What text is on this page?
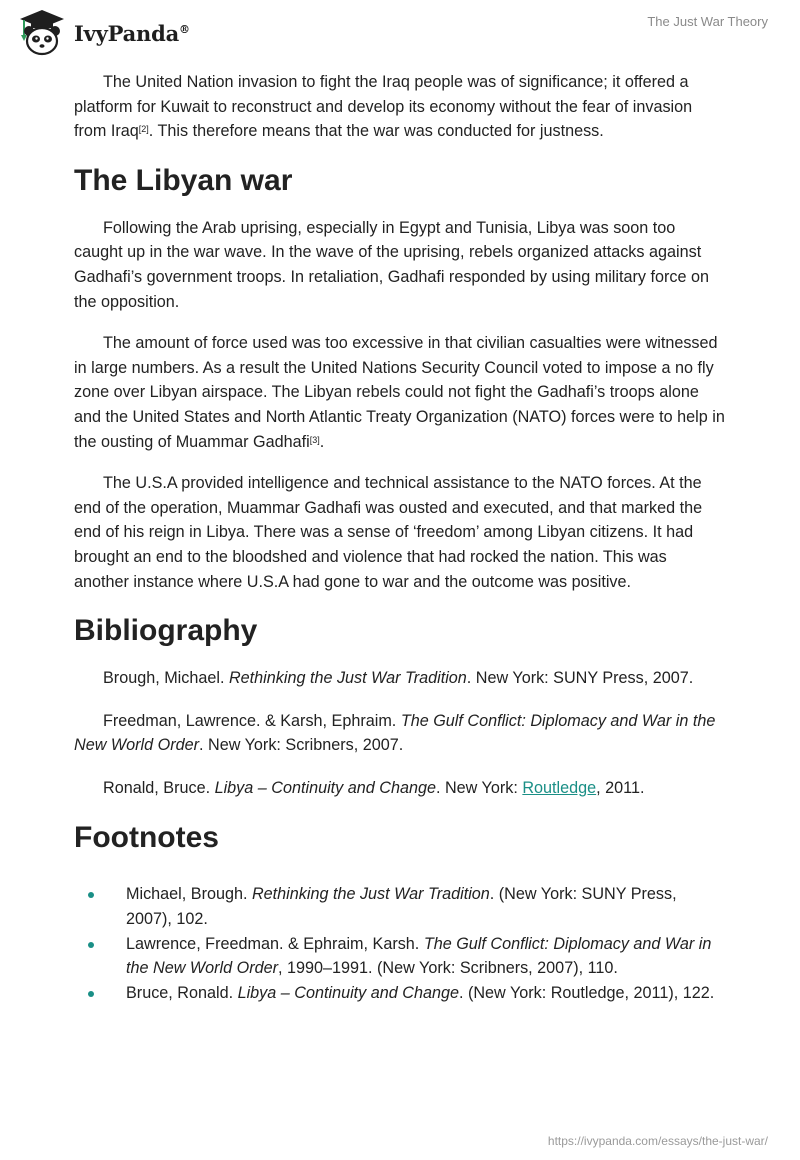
IvyPanda®	The Just War Theory

The United Nation invasion to fight the Iraq people was of significance; it offered a platform for Kuwait to reconstruct and develop its economy without the fear of invasion from Iraq[2]. This therefore means that the war was conducted for justness.

The Libyan war

Following the Arab uprising, especially in Egypt and Tunisia, Libya was soon too caught up in the war wave. In the wave of the uprising, rebels organized attacks against Gadhafi’s government troops. In retaliation, Gadhafi responded by using military force on the opposition.

The amount of force used was too excessive in that civilian casualties were witnessed in large numbers. As a result the United Nations Security Council voted to impose a no fly zone over Libyan airspace. The Libyan rebels could not fight the Gadhafi’s troops alone and the United States and North Atlantic Treaty Organization (NATO) forces were to help in the ousting of Muammar Gadhafi[3].

The U.S.A provided intelligence and technical assistance to the NATO forces. At the end of the operation, Muammar Gadhafi was ousted and executed, and that marked the end of his reign in Libya. There was a sense of ‘freedom’ among Libyan citizens. It had brought an end to the bloodshed and violence that had rocked the nation. This was another instance where U.S.A had gone to war and the outcome was positive.

Bibliography

Brough, Michael. Rethinking the Just War Tradition. New York: SUNY Press, 2007.

Freedman, Lawrence. & Karsh, Ephraim. The Gulf Conflict: Diplomacy and War in the New World Order. New York: Scribners, 2007.

Ronald, Bruce. Libya – Continuity and Change. New York: Routledge, 2011.

Footnotes
Michael, Brough. Rethinking the Just War Tradition. (New York: SUNY Press, 2007), 102.
Lawrence, Freedman. & Ephraim, Karsh. The Gulf Conflict: Diplomacy and War in the New World Order, 1990–1991. (New York: Scribners, 2007), 110.
Bruce, Ronald. Libya – Continuity and Change. (New York: Routledge, 2011), 122.
https://ivypanda.com/essays/the-just-war/
